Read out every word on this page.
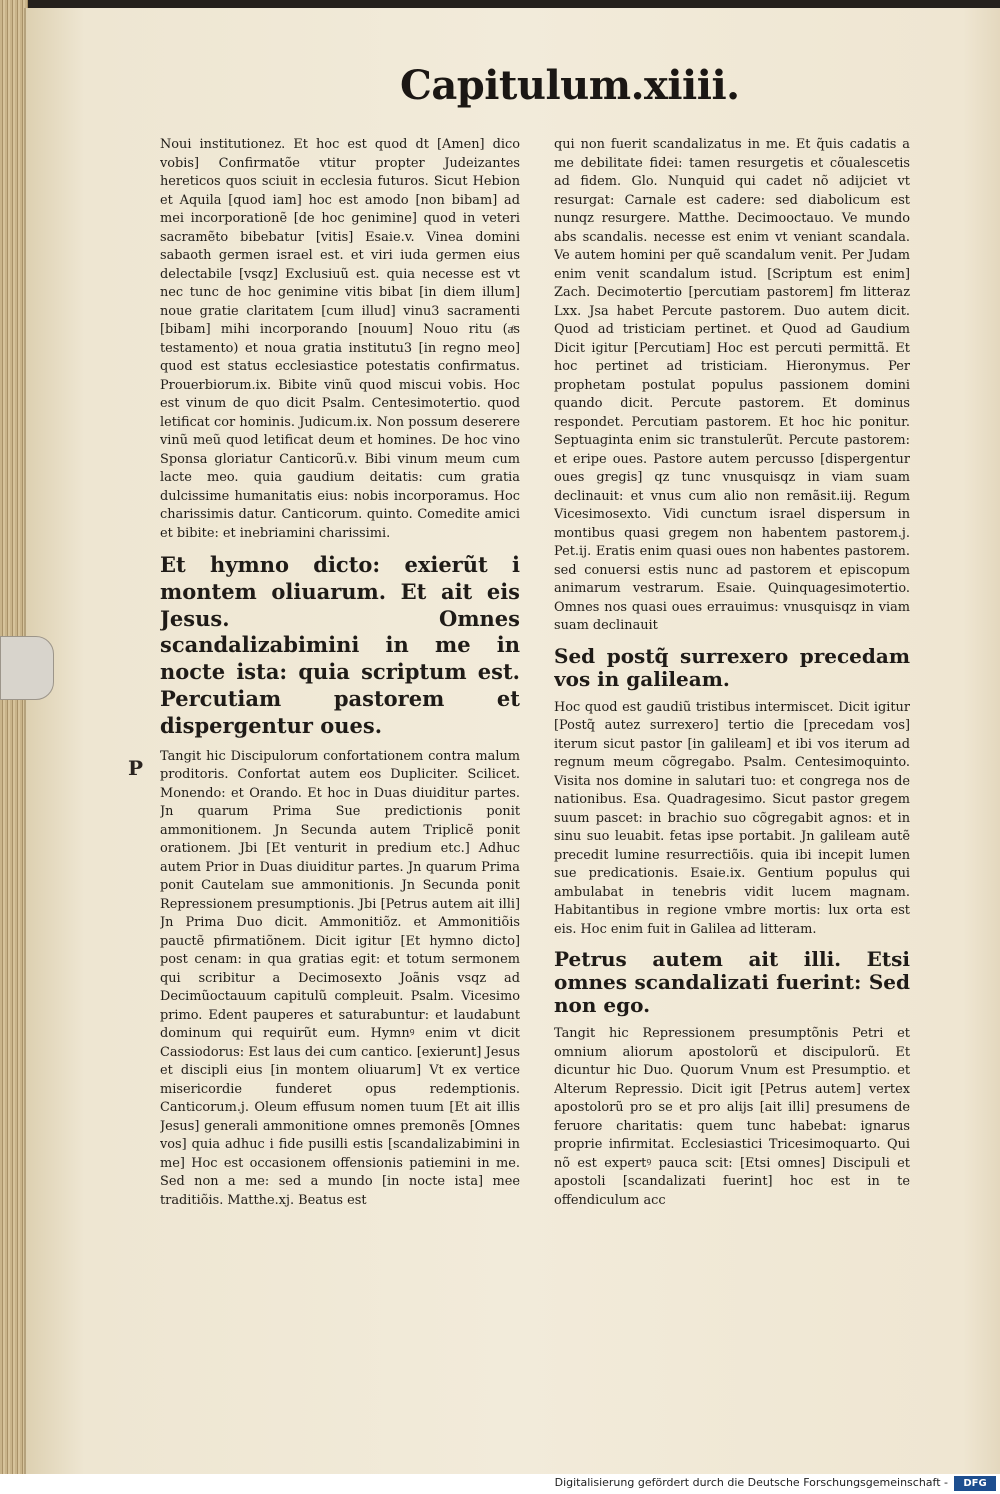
Capitulum.xiiii.
P

Noui institutionez. Et hoc est quod dt [Amen] dico vobis] Confirmatõe vtitur propter Judeizantes hereticos quos sciuit in ecclesia futuros. Sicut Hebion et Aquila [quod iam] hoc est amodo [non bibam] ad mei incorporationẽ [de hoc genimine] quod in veteri sacramẽto bibebatur [vitis] Esaie.v. Vinea domini sabaoth germen israel est. et viri iuda germen eius delectabile [vsqz] Exclusiuũ est. quia necesse est vt nec tunc de hoc genimine vitis bibat [in diem illum] noue gratie claritatem [cum illud] vinu3 sacramenti [bibam] mihi incorporando [nouum] Nouo ritu (aͤs testamento) et noua gratia institutu3 [in regno meo] quod est status ecclesiastice potestatis confirmatus. Prouerbiorum.ix. Bibite vinũ quod miscui vobis. Hoc est vinum de quo dicit Psalm. Centesimotertio. quod letificat cor hominis. Judicum.ix. Non possum deserere vinũ meũ quod letificat deum et homines. De hoc vino Sponsa gloriatur Canticorũ.v. Bibi vinum meum cum lacte meo. quia gaudium deitatis: cum gratia dulcissime humanitatis eius: nobis incorporamus. Hoc charissimis datur. Canticorum. quinto. Comedite amici et bibite: et inebriamini charissimi.

Et hymno dicto: exierũt i montem oliuarum. Et ait eis Jesus. Omnes scandalizabimini in me in nocte ista: quia scriptum est. Percutiam pastorem et dispergentur oues.

Tangit hic Discipulorum confortationem contra malum proditoris. Confortat autem eos Dupliciter. Scilicet. Monendo: et Orando. Et hoc in Duas diuiditur partes. Jn quarum Prima Sue predictionis ponit ammonitionem. Jn Secunda autem Triplicẽ ponit orationem. Jbi [Et venturit in predium etc.] Adhuc autem Prior in Duas diuiditur partes. Jn quarum Prima ponit Cautelam sue ammonitionis. Jn Secunda ponit Repressionem presumptionis. Jbi [Petrus autem ait illi] Jn Prima Duo dicit. Ammonitiõz. et Ammonitiõis pauctẽ pfirmatiõnem. Dicit igitur [Et hymno dicto] post cenam: in qua gratias egit: et totum sermonem qui scribitur a Decimosexto Joãnis vsqz ad Decimũoctauum capitulũ compleuit. Psalm. Vicesimo primo. Edent pauperes et saturabuntur: et laudabunt dominum qui requirũt eum. Hymnꝰ enim vt dicit Cassiodorus: Est laus dei cum cantico. [exierunt] Jesus et discipli eius [in montem oliuarum] Vt ex vertice misericordie funderet opus redemptionis. Canticorum.j. Oleum effusum nomen tuum [Et ait illis Jesus] generali ammonitione omnes premonẽs [Omnes vos] quia adhuc i fide pusilli estis [scandalizabimini in me] Hoc est occasionem offensionis patiemini in me. Sed non a me: sed a mundo [in nocte ista] mee traditiõis. Matthe.xj. Beatus est

qui non fuerit scandalizatus in me. Et q̃uis cadatis a me debilitate fidei: tamen resurgetis et cõualescetis ad fidem. Glo. Nunquid qui cadet nõ adijciet vt resurgat: Carnale est cadere: sed diabolicum est nunqz resurgere. Matthe. Decimooctauo. Ve mundo abs scandalis. necesse est enim vt veniant scandala. Ve autem homini per quẽ scandalum venit. Per Judam enim venit scandalum istud. [Scriptum est enim] Zach. Decimotertio [percutiam pastorem] fm litteraz Lxx. Jsa habet Percute pastorem. Duo autem dicit. Quod ad tristiciam pertinet. et Quod ad Gaudium Dicit igitur [Percutiam] Hoc est percuti permittã. Et hoc pertinet ad tristiciam. Hieronymus. Per prophetam postulat populus passionem domini quando dicit. Percute pastorem. Et dominus respondet. Percutiam pastorem. Et hoc hic ponitur. Septuaginta enim sic transtulerũt. Percute pastorem: et eripe oues. Pastore autem percusso [dispergentur oues gregis] qz tunc vnusquisqz in viam suam declinauit: et vnus cum alio non remãsit.iij. Regum Vicesimosexto. Vidi cunctum israel dispersum in montibus quasi gregem non habentem pastorem.j. Pet.ij. Eratis enim quasi oues non habentes pastorem. sed conuersi estis nunc ad pastorem et episcopum animarum vestrarum. Esaie. Quinquagesimotertio. Omnes nos quasi oues errauimus: vnusquisqz in viam suam declinauit

Sed postq̃ surrexero precedam vos in galileam.

Hoc quod est gaudiũ tristibus intermiscet. Dicit igitur [Postq̃ autez surrexero] tertio die [precedam vos] iterum sicut pastor [in galileam] et ibi vos iterum ad regnum meum cõgregabo. Psalm. Centesimoquinto. Visita nos domine in salutari tuo: et congrega nos de nationibus. Esa. Quadragesimo. Sicut pastor gregem suum pascet: in brachio suo cõgregabit agnos: et in sinu suo leuabit. fetas ipse portabit. Jn galileam autẽ precedit lumine resurrectiõis. quia ibi incepit lumen sue predicationis. Esaie.ix. Gentium populus qui ambulabat in tenebris vidit lucem magnam. Habitantibus in regione vmbre mortis: lux orta est eis. Hoc enim fuit in Galilea ad litteram.

Petrus autem ait illi. Etsi omnes scandalizati fuerint: Sed non ego.

Tangit hic Repressionem presumptõnis Petri et omnium aliorum apostolorũ et discipulorũ. Et dicuntur hic Duo. Quorum Vnum est Presumptio. et Alterum Repressio. Dicit igit [Petrus autem] vertex apostolorũ pro se et pro alijs [ait illi] presumens de feruore charitatis: quem tunc habebat: ignarus proprie infirmitat. Ecclesiastici Tricesimoquarto. Qui nõ est expertꝰ pauca scit: [Etsi omnes] Discipuli et apostoli [scandalizati fuerint] hoc est in te offendiculum acc

Digitalisierung gefördert durch die Deutsche Forschungsgemeinschaft -	DFG
